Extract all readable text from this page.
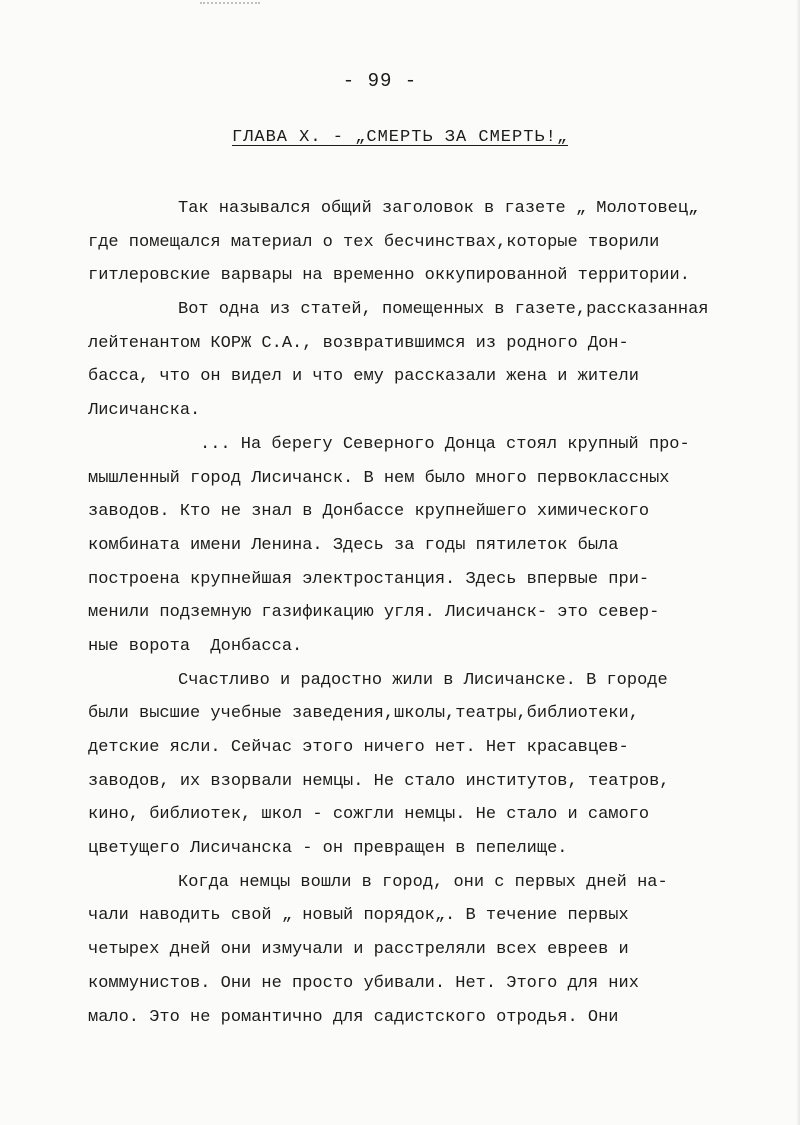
- 99 -
ГЛАВА Х. - „СМЕРТЬ ЗА СМЕРТЬ!„
Так назывался общий заголовок в газете „ Молотовец„
где помещался материал о тех бесчинствах,которые творили
гитлеровские варвары на временно оккупированной территории.
Вот одна из статей, помещенных в газете,рассказанная
лейтенантом КОРЖ С.А., возвратившимся из родного Дон-
басса, что он видел и что ему рассказали жена и жители
Лисичанска.
... На берегу Северного Донца стоял крупный про-
мышленный город Лисичанск. В нем было много первоклассных
заводов. Кто не знал в Донбассе крупнейшего химического
комбината имени Ленина. Здесь за годы пятилеток была
построена крупнейшая электростанция. Здесь впервые при-
менили подземную газификацию угля. Лисичанск- это север-
ные ворота  Донбасса.
Счастливо и радостно жили в Лисичанске. В городе
были высшие учебные заведения,школы,театры,библиотеки,
детские ясли. Сейчас этого ничего нет. Нет красавцев-
заводов, их взорвали немцы. Не стало институтов, театров,
кино, библиотек, школ - сожгли немцы. Не стало и самого
цветущего Лисичанска - он превращен в пепелище.
Когда немцы вошли в город, они с первых дней на-
чали наводить свой „ новый порядок„. В течение первых
четырех дней они измучали и расстреляли всех евреев и
коммунистов. Они не просто убивали. Нет. Этого для них
мало. Это не романтично для садистского отродья. Они
